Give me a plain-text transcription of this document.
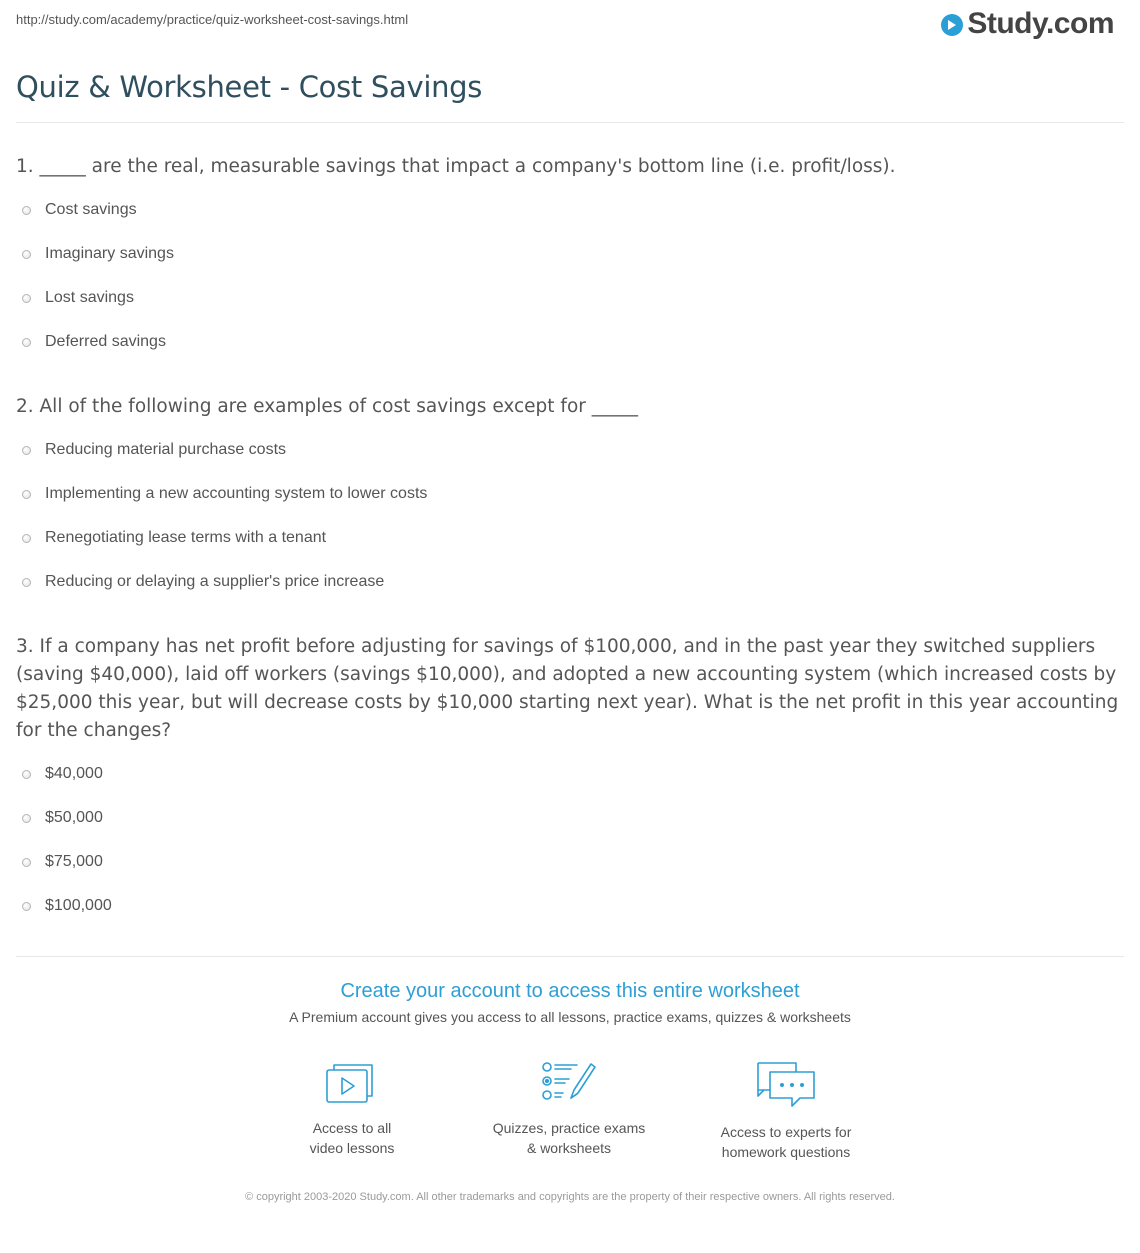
http://study.com/academy/practice/quiz-worksheet-cost-savings.html	Study.com
Quiz & Worksheet - Cost Savings

1. _____ are the real, measurable savings that impact a company's bottom line (i.e. profit/loss).

Cost savings
Imaginary savings
Lost savings
Deferred savings

2. All of the following are examples of cost savings except for _____

Reducing material purchase costs
Implementing a new accounting system to lower costs
Renegotiating lease terms with a tenant
Reducing or delaying a supplier's price increase

3. If a company has net profit before adjusting for savings of $100,000, and in the past year they switched suppliers (saving $40,000), laid off workers (savings $10,000), and adopted a new accounting system (which increased costs by $25,000 this year, but will decrease costs by $10,000 starting next year). What is the net profit in this year accounting for the changes?

$40,000
$50,000
$75,000
$100,000
Create your account to access this entire worksheet
A Premium account gives you access to all lessons, practice exams, quizzes & worksheets
Access to all
video lessons
Quizzes, practice exams
& worksheets
Access to experts for
homework questions
© copyright 2003-2020 Study.com. All other trademarks and copyrights are the property of their respective owners. All rights reserved.
